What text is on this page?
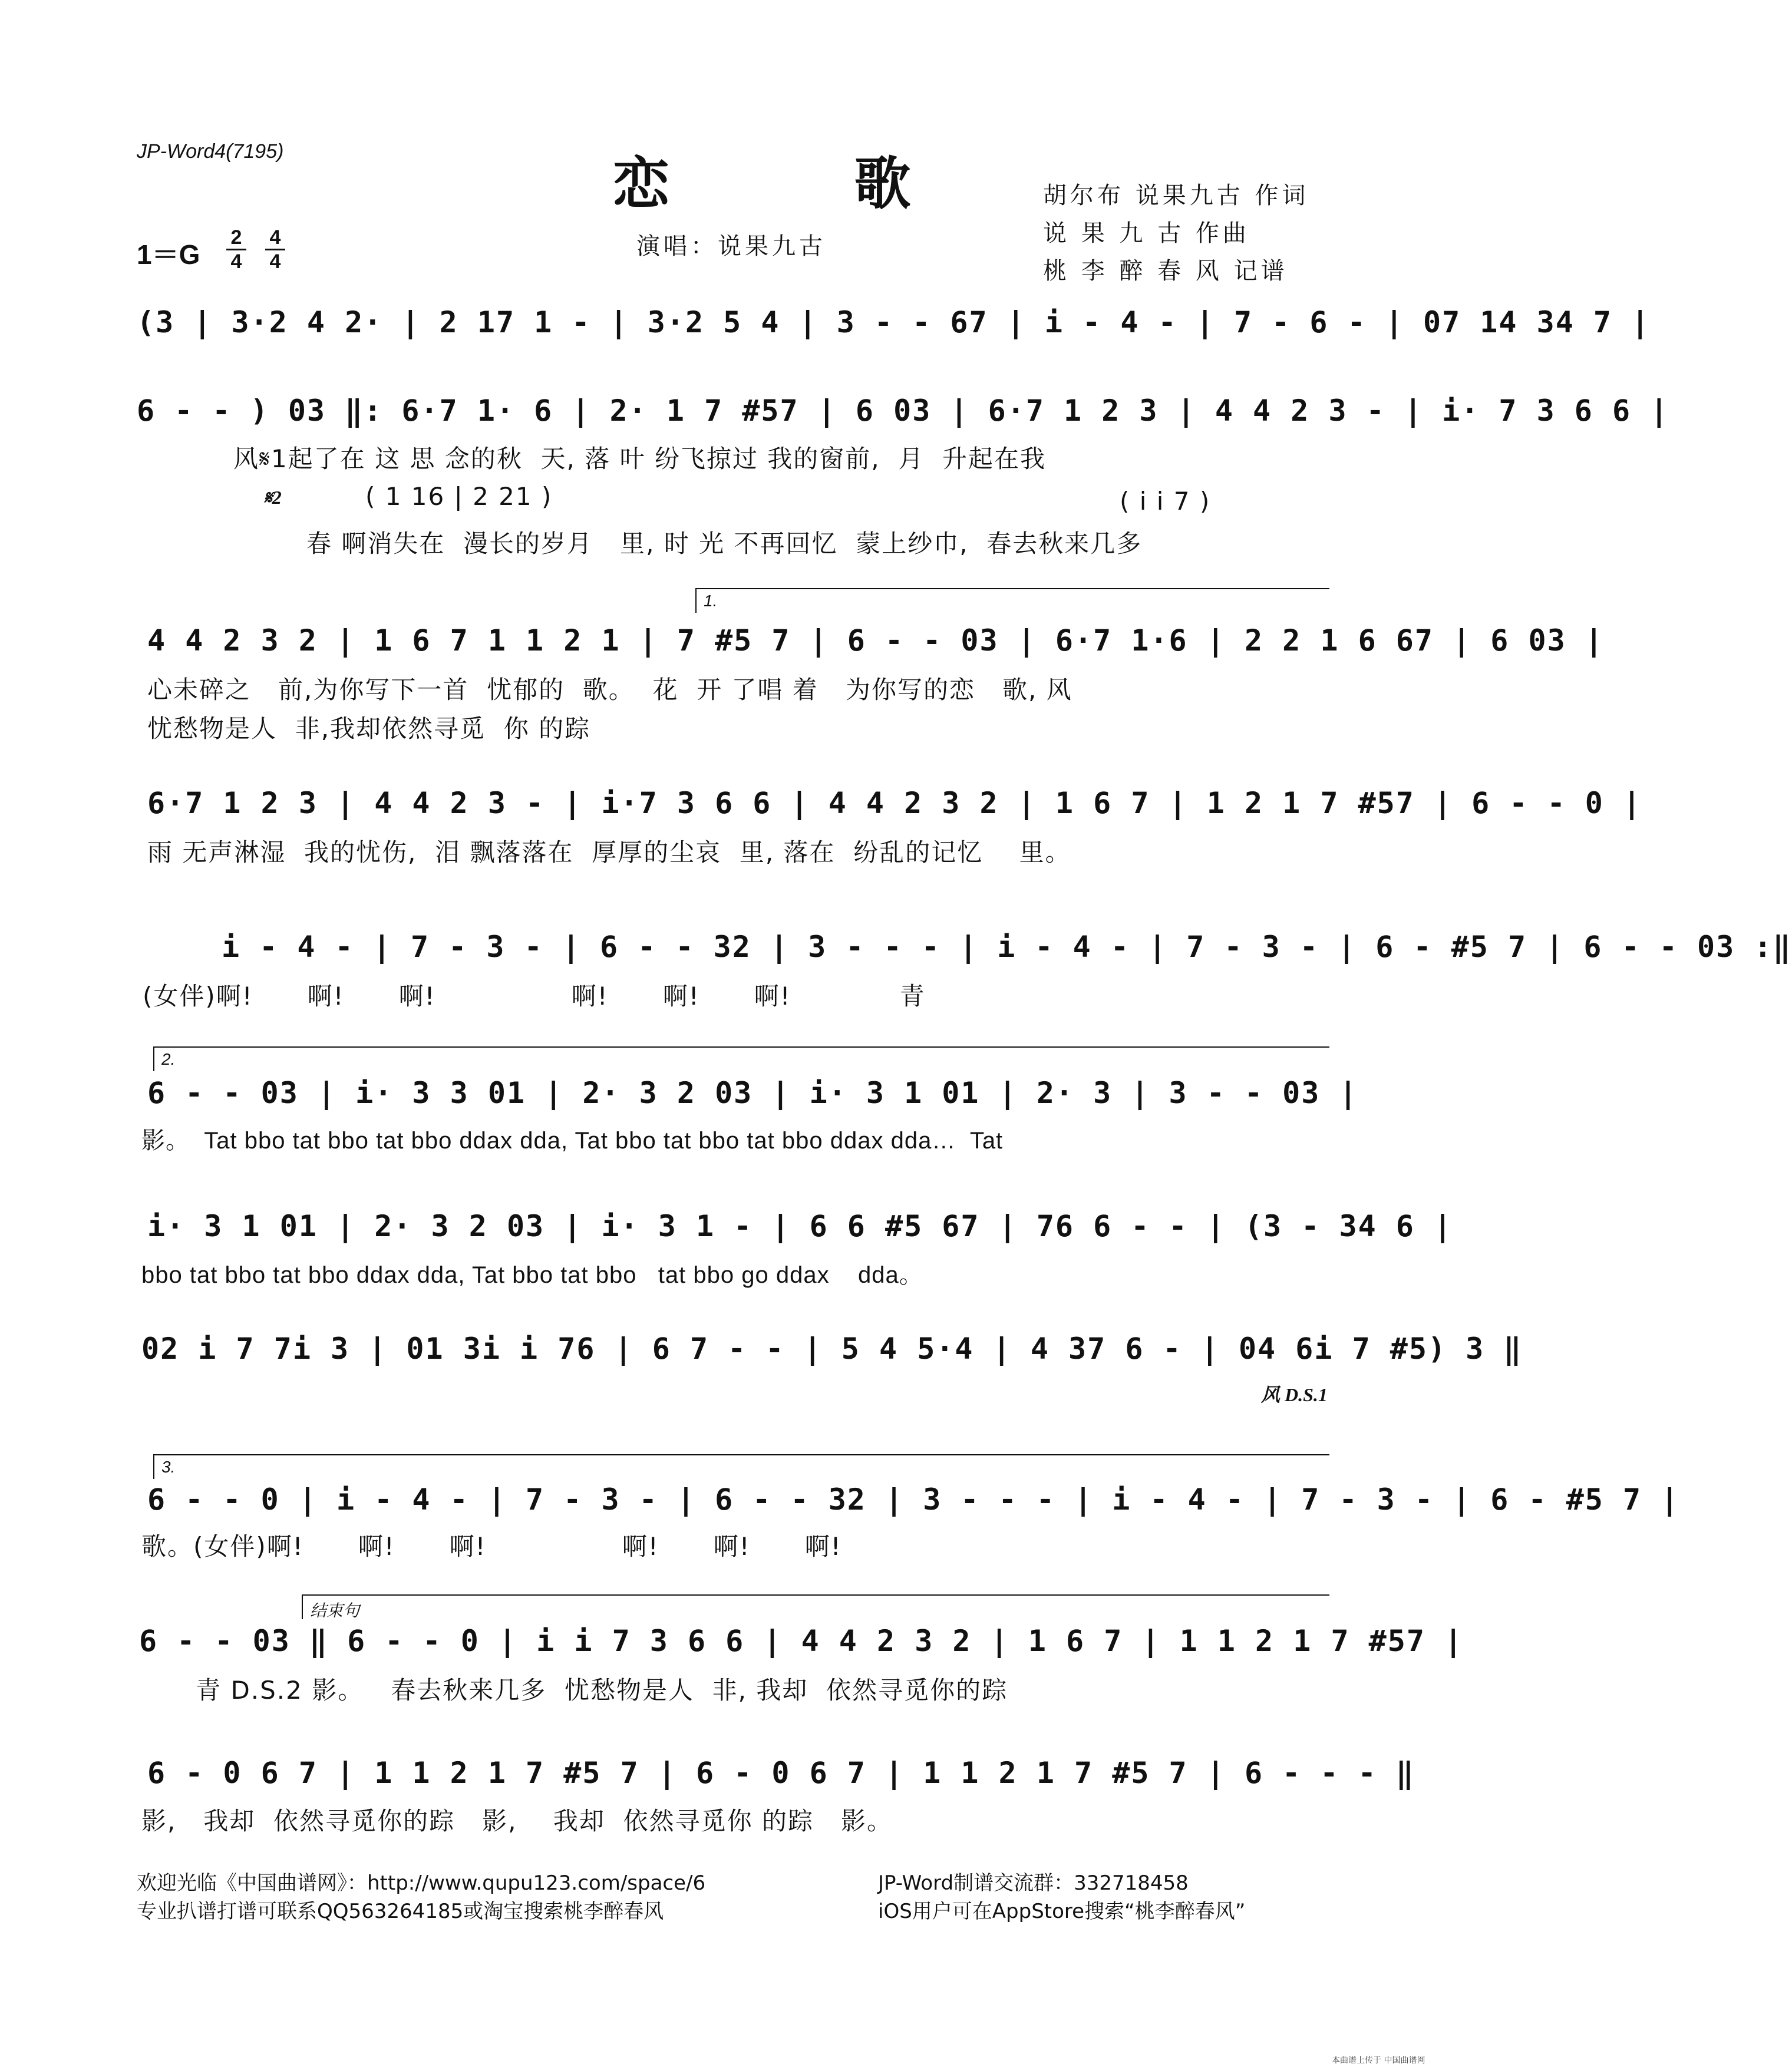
JP-Word4(7195)	恋 歌
演唱：说果九古
胡尔布 说果九古 作词
说 果 九 古 作曲
桃 李 醉 春 风 记谱
1＝G
2
4
4
4
(3 | 3·2 4 2· | 2 17 1 - | 3·2 5 4 | 3 - - 67 | i - 4 - | 7 - 6 - | 07 14 34 7 |
6 - - ) 03 ‖: 6·7 1· 6 | 2· 1 7 #57 | 6 03 | 6·7 1 2 3 | 4 4 2 3 - | i· 7 3 6 6 |
风𝄋1起了在 这 思 念的秋  天, 落 叶 纷飞掠过 我的窗前,  月  升起在我
𝄋2	( 1 16 | 2 21 )	( i i 7 )
春 啊消失在  漫长的岁月   里, 时 光 不再回忆  蒙上纱巾,  春去秋来几多
1.
4 4 2 3 2 | 1 6 7 1 1 2 1 | 7 #5 7 | 6 - - 03 | 6·7 1·6 | 2 2 1 6 67 | 6 03 |
心未碎之   前,为你写下一首  忧郁的  歌。  花  开 了唱 着   为你写的恋   歌, 风
忧愁物是人  非,我却依然寻觅  你 的踪
6·7 1 2 3 | 4 4 2 3 - | i·7 3 6 6 | 4 4 2 3 2 | 1 6 7 | 1 2 1 7 #57 | 6 - - 0 |
雨 无声淋湿  我的忧伤,  泪 飘落落在  厚厚的尘哀  里, 落在  纷乱的记忆    里。
i - 4 - | 7 - 3 - | 6 - - 32 | 3 - - - | i - 4 - | 7 - 3 - | 6 - #5 7 | 6 - - 03 :‖
(女伴)啊!      啊!      啊!               啊!      啊!      啊!            青
2.
6 - - 03 | i· 3 3 01 | 2· 3 2 03 | i· 3 1 01 | 2· 3 | 3 - - 03 |
影。  Tat bbo tat bbo tat bbo ddax dda, Tat bbo tat bbo tat bbo ddax dda…  Tat
i· 3 1 01 | 2· 3 2 03 | i· 3 1 - | 6 6 #5 67 | 76 6 - - | (3 - 34 6 |
bbo tat bbo tat bbo ddax dda, Tat bbo tat bbo   tat bbo go ddax    dda。
02 i 7 7i 3 | 01 3i i 76 | 6 7 - - | 5 4 5·4 | 4 37 6 - | 04 6i 7 #5) 3 ‖
风 D.S.1
3.
6 - - 0 | i - 4 - | 7 - 3 - | 6 - - 32 | 3 - - - | i - 4 - | 7 - 3 - | 6 - #5 7 |
歌。(女伴)啊!      啊!      啊!               啊!      啊!      啊!
结束句
6 - - 03 ‖ 6 - - 0 | i i 7 3 6 6 | 4 4 2 3 2 | 1 6 7 | 1 1 2 1 7 #57 |
青 D.S.2 影。   春去秋来几多  忧愁物是人  非, 我却  依然寻觅你的踪
6 - 0 6 7 | 1 1 2 1 7 #5 7 | 6 - 0 6 7 | 1 1 2 1 7 #5 7 | 6 - - - ‖
影,   我却  依然寻觅你的踪   影,    我却  依然寻觅你 的踪   影。
欢迎光临《中国曲谱网》：http://www.qupu123.com/space/6
专业扒谱打谱可联系QQ563264185或淘宝搜索桃李醉春风
JP-Word制谱交流群：332718458
iOS用户可在AppStore搜索“桃李醉春风”
本曲谱上传于 中国曲谱网
